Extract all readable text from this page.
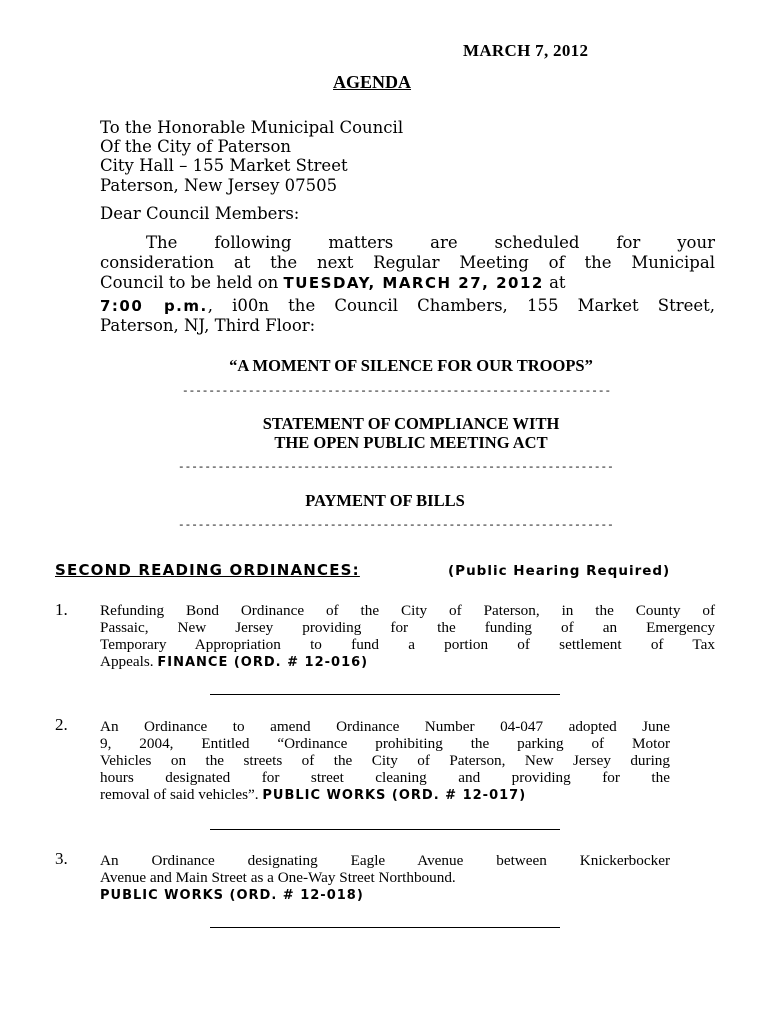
MARCH 7, 2012
AGENDA
To the Honorable Municipal Council
Of the City of Paterson
City Hall – 155 Market Street
Paterson, New Jersey 07505
Dear Council Members:
The following matters are scheduled for your
consideration at the next Regular Meeting of the Municipal
Council to be held on TUESDAY, MARCH 27, 2012 at
7:00 p.m., i00n the Council Chambers, 155 Market Street,
Paterson, NJ, Third Floor:
“A MOMENT OF SILENCE FOR OUR TROOPS”
-----------------------------------------------------------------
STATEMENT OF COMPLIANCE WITH
THE OPEN PUBLIC MEETING ACT
------------------------------------------------------------------
PAYMENT OF BILLS
------------------------------------------------------------------
SECOND READING ORDINANCES:	(Public Hearing Required)
1. Refunding Bond Ordinance of the City of Paterson, in the County of
Passaic, New Jersey providing for the funding of an Emergency
Temporary Appropriation to fund a portion of settlement of Tax
Appeals. FINANCE (ORD. # 12-016)
2. An Ordinance to amend Ordinance Number 04-047 adopted June
9, 2004, Entitled “Ordinance prohibiting the parking of Motor
Vehicles on the streets of the City of Paterson, New Jersey during
hours designated for street cleaning and providing for the
removal of said vehicles”. PUBLIC WORKS (ORD. # 12-017)
3. An Ordinance designating Eagle Avenue between Knickerbocker
Avenue and Main Street as a One-Way Street Northbound.
PUBLIC WORKS (ORD. # 12-018)
